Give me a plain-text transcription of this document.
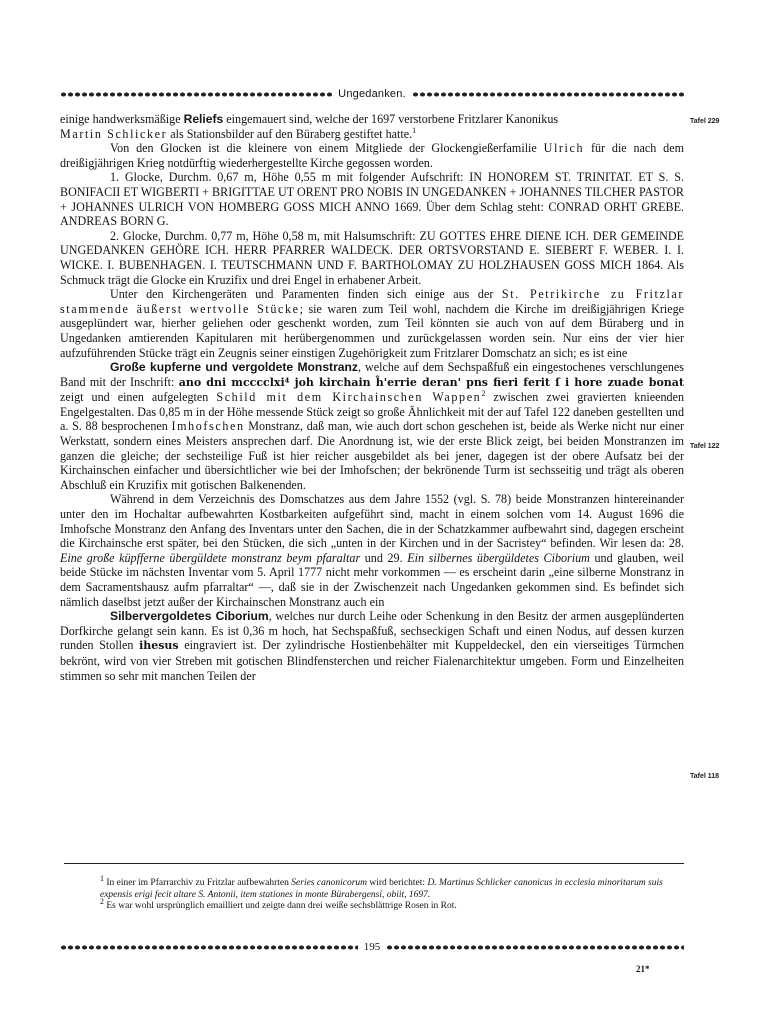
Ungedanken.
Tafel 229
Tafel 122
Tafel 118

einige handwerksmäßige Reliefs eingemauert sind, welche der 1697 verstorbene Fritzlarer Kanonikus
Martin Schlicker als Stationsbilder auf den Büraberg gestiftet hatte.$^1$

Von den Glocken ist die kleinere von einem Mitgliede der Glockengießerfamilie Ulrich für die nach dem dreißigjährigen Krieg notdürftig wiederhergestellte Kirche gegossen worden.

1. Glocke, Durchm. 0,67 m, Höhe 0,55 m mit folgender Aufschrift: IN HONOREM ST. TRINITAT. ET S. S. BONIFACII ET WIGBERTI + BRIGITTAE UT ORENT PRO NOBIS IN UNGEDANKEN + JOHANNES TILCHER PASTOR + JOHANNES ULRICH VON HOMBERG GOSS MICH ANNO 1669. Über dem Schlag steht: CONRAD ORHT GREBE. ANDREAS BORN G.

2. Glocke, Durchm. 0,77 m, Höhe 0,58 m, mit Halsumschrift: ZU GOTTES EHRE DIENE ICH. DER GEMEINDE UNGEDANKEN GEHÖRE ICH. HERR PFARRER WALDECK. DER ORTSVORSTAND E. SIEBERT F. WEBER. I. I. WICKE. I. BUBENHAGEN. I. TEUTSCHMANN UND F. BARTHOLOMAY ZU HOLZHAUSEN GOSS MICH 1864. Als Schmuck trägt die Glocke ein Kruzifix und drei Engel in erhabener Arbeit.

Unter den Kirchengeräten und Paramenten finden sich einige aus der St. Petrikirche zu Fritzlar stammende äußerst wertvolle Stücke; sie waren zum Teil wohl, nachdem die Kirche im dreißigjährigen Kriege ausgeplündert war, hierher geliehen oder geschenkt worden, zum Teil könnten sie auch von auf dem Büraberg und in Ungedanken amtierenden Kapitularen mit herübergenommen und zurückgelassen worden sein. Nur eins der vier hier aufzuführenden Stücke trägt ein Zeugnis seiner einstigen Zugehörigkeit zum Fritzlarer Domschatz an sich; es ist eine

Große kupferne und vergoldete Monstranz, welche auf dem Sechspaßfuß ein eingestochenes verschlungenes Band mit der Inschrift: ano dni mcccclxi⁴ joh kirchain ĥ'errie deran' pns fieri ferit ſ i hore zuade bonat zeigt und einen aufgelegten Schild mit dem Kirchainschen Wappen$^2$ zwischen zwei gravierten knieenden Engelgestalten. Das 0,85 m in der Höhe messende Stück zeigt so große Ähnlichkeit mit der auf Tafel 122 daneben gestellten und a. S. 88 besprochenen Imhofschen Monstranz, daß man, wie auch dort schon geschehen ist, beide als Werke nicht nur einer Werkstatt, sondern eines Meisters ansprechen darf. Die Anordnung ist, wie der erste Blick zeigt, bei beiden Monstranzen im ganzen die gleiche; der sechsteilige Fuß ist hier reicher ausgebildet als bei jener, dagegen ist der obere Aufsatz bei der Kirchainschen einfacher und übersichtlicher wie bei der Imhofschen; der bekrönende Turm ist sechsseitig und trägt als oberen Abschluß ein Kruzifix mit gotischen Balkenenden.

Während in dem Verzeichnis des Domschatzes aus dem Jahre 1552 (vgl. S. 78) beide Monstranzen hintereinander unter den im Hochaltar aufbewahrten Kostbarkeiten aufgeführt sind, macht in einem solchen vom 14. August 1696 die Imhofsche Monstranz den Anfang des Inventars unter den Sachen, die in der Schatzkammer aufbewahrt sind, dagegen erscheint die Kirchainsche erst später, bei den Stücken, die sich „unten in der Kirchen und in der Sacristey“ befinden. Wir lesen da: 28. Eine große küpfferne übergüldete monstranz beym pfaraltar und 29. Ein silbernes übergüldetes Ciborium und glauben, weil beide Stücke im nächsten Inventar vom 5. April 1777 nicht mehr vorkommen — es erscheint darin „eine silberne Monstranz in dem Sacramentshausz aufm pfarraltar“ —, daß sie in der Zwischenzeit nach Ungedanken gekommen sind. Es befindet sich nämlich daselbst jetzt außer der Kirchainschen Monstranz auch ein

Silbervergoldetes Ciborium, welches nur durch Leihe oder Schenkung in den Besitz der armen ausgeplünderten Dorfkirche gelangt sein kann. Es ist 0,36 m hoch, hat Sechspaßfuß, sechseckigen Schaft und einen Nodus, auf dessen kurzen runden Stollen ihesus eingraviert ist. Der zylindrische Hostienbehälter mit Kuppeldeckel, den ein vierseitiges Türmchen bekrönt, wird von vier Streben mit gotischen Blindfensterchen und reicher Fialenarchitektur umgeben. Form und Einzelheiten stimmen so sehr mit manchen Teilen der

$^1$ In einer im Pfarrarchiv zu Fritzlar aufbewahrten Series canonicorum wird berichtet: D. Martinus Schlicker canonicus in ecclesia minoritarum suis expensis erigi fecit altare S. Antonii, item stationes in monte Bürabergensi, obiit, 1697.

$^2$ Es war wohl ursprünglich emailliert und zeigte dann drei weiße sechsblättrige Rosen in Rot.

195
21*
